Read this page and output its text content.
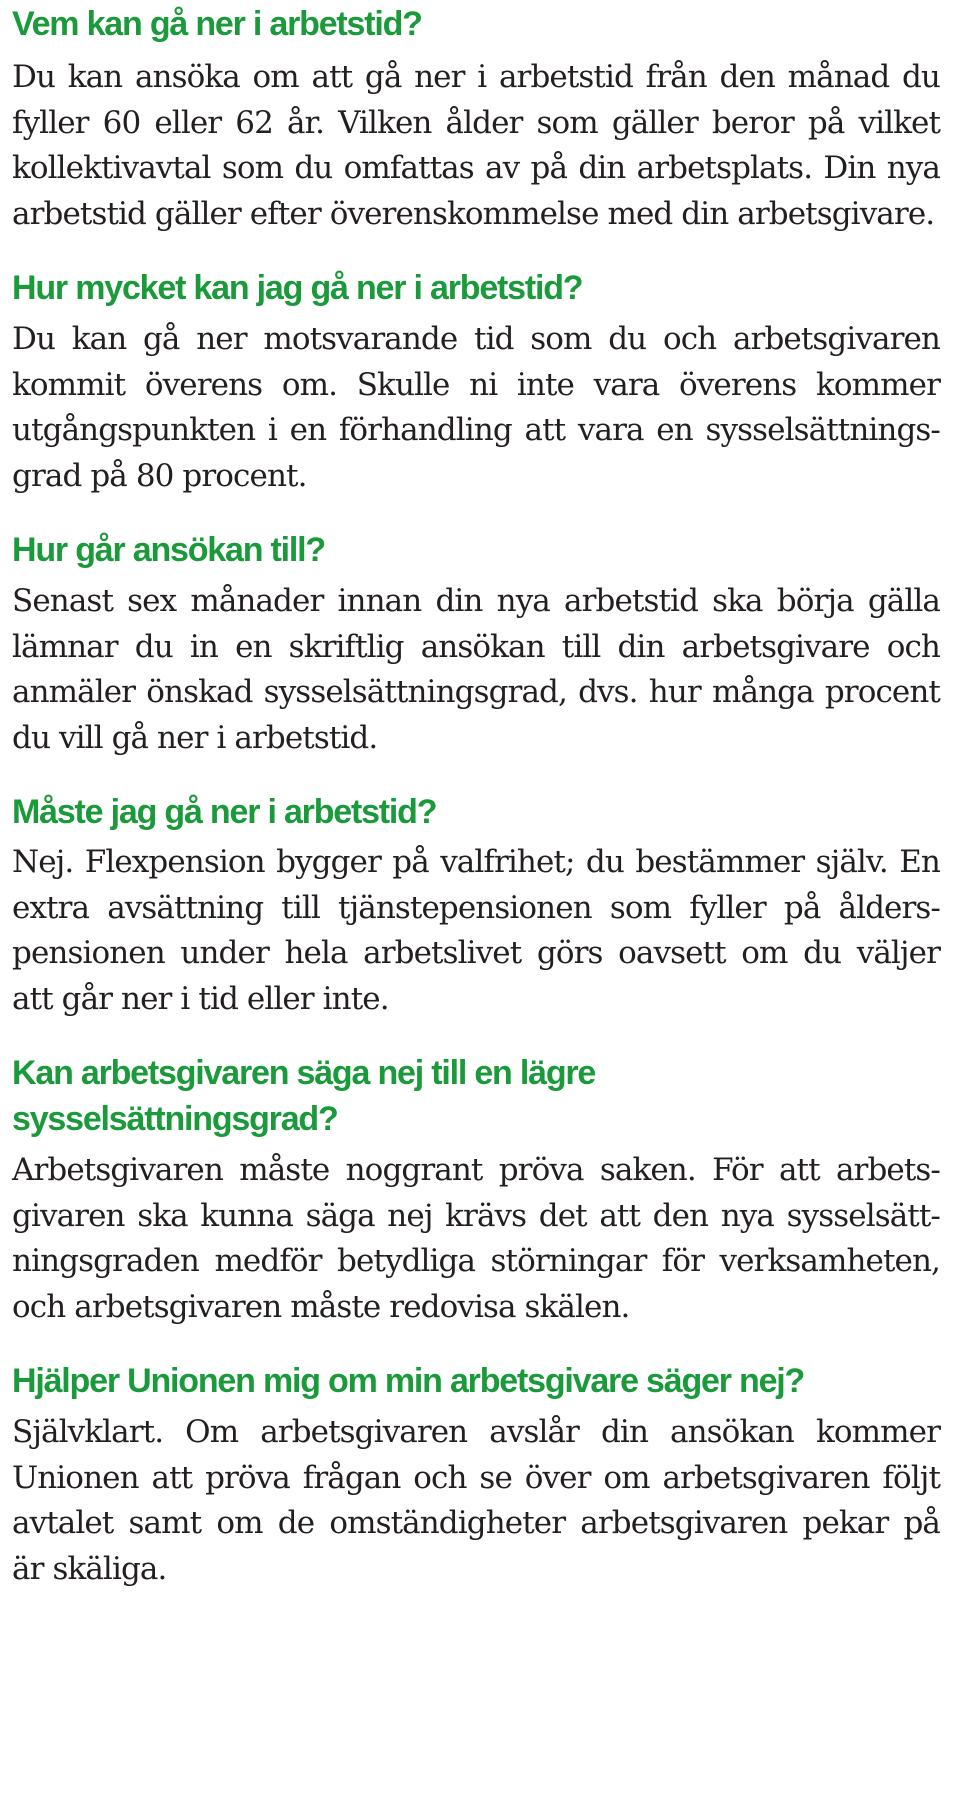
Vem kan gå ner i arbetstid?
Du kan ansöka om att gå ner i arbetstid från den månad du
fyller 60 eller 62 år. Vilken ålder som gäller beror på vilket
kollektivavtal som du omfattas av på din arbetsplats. Din nya
arbetstid gäller efter överenskommelse med din arbetsgivare.
Hur mycket kan jag gå ner i arbetstid?
Du kan gå ner motsvarande tid som du och arbetsgivaren
kommit överens om. Skulle ni inte vara överens kommer
utgångspunkten i en förhandling att vara en sysselsättnings-
grad på 80 procent.
Hur går ansökan till?
Senast sex månader innan din nya arbetstid ska börja gälla
lämnar du in en skriftlig ansökan till din arbetsgivare och
anmäler önskad sysselsättningsgrad, dvs. hur många procent
du vill gå ner i arbetstid.
Måste jag gå ner i arbetstid?
Nej. Flexpension bygger på valfrihet; du bestämmer själv. En
extra avsättning till tjänstepensionen som fyller på ålders-
pensionen under hela arbetslivet görs oavsett om du väljer
att går ner i tid eller inte.
Kan arbetsgivaren säga nej till en lägre
sysselsättningsgrad?
Arbetsgivaren måste noggrant pröva saken. För att arbets-
givaren ska kunna säga nej krävs det att den nya sysselsätt-
ningsgraden medför betydliga störningar för verksamheten,
och arbetsgivaren måste redovisa skälen.
Hjälper Unionen mig om min arbetsgivare säger nej?
Självklart. Om arbetsgivaren avslår din ansökan kommer
Unionen att pröva frågan och se över om arbetsgivaren följt
avtalet samt om de omständigheter arbetsgivaren pekar på
är skäliga.
